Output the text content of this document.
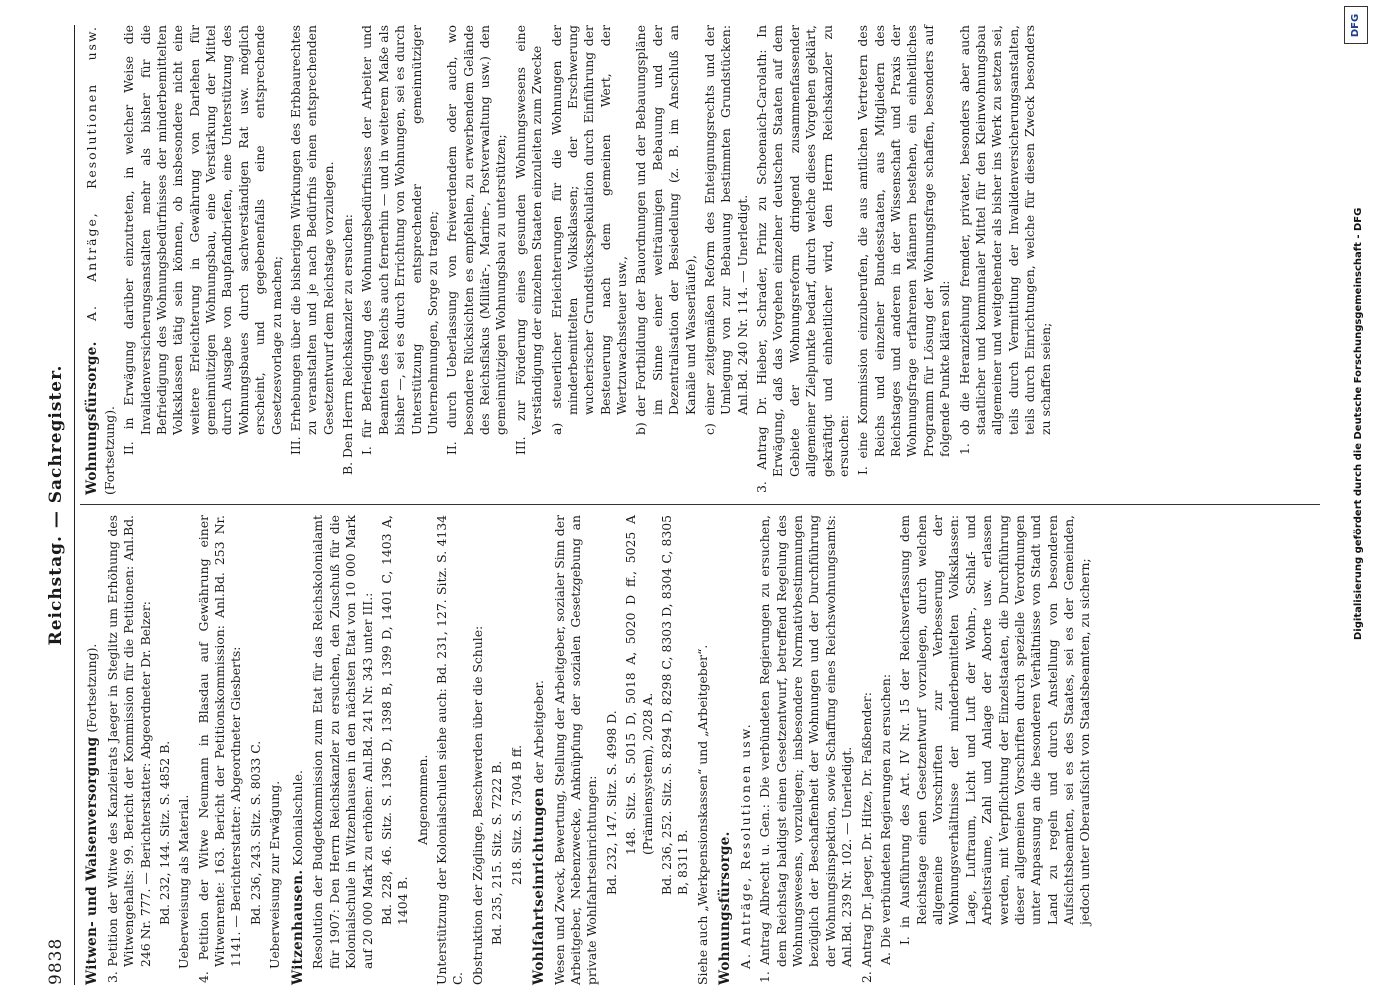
9838
Reichstag. — Sachregister.

Witwen- und Waisenversorgung (Fortsetzung). 3. Petition der Witwe des Kanzleirats Jaeger in Steglitz um Erhöhung des Witwengehalts: 99. Bericht der Kommission für die Petitionen: Anl.Bd. 246 Nr. 777. — Berichterstatter: Abgeordneter Dr. Belzer: Bd. 232, 144. Sitz. S. 4852 B. Ueberweisung als Material. 4. Petition der Witwe Neumann in Blasdau auf Gewährung einer Witwenrente: 163. Bericht der Petitionskommission: Anl.Bd. 253 Nr. 1141. — Berichterstatter: Abgeordneter Giesberts: Bd. 236, 243. Sitz. S. 8033 C. Ueberweisung zur Erwägung. Witzenhausen. Kolonialschule. Resolution der Budgetkommission zum Etat für das Reichskolonialamt für 1907: Den Herrn Reichskanzler zu ersuchen, den Zuschuß für die Kolonialschule in Witzenhausen in den nächsten Etat von 10 000 Mark auf 20 000 Mark zu erhöhen: Anl.Bd. 241 Nr. 343 unter III.: Bd. 228, 46. Sitz. S. 1396 D, 1398 B, 1399 D, 1401 C, 1403 A, 1404 B.

Angenommen. Unterstützung der Kolonialschulen siehe auch: Bd. 231, 127. Sitz. S. 4134 C. Obstruktion der Zöglinge, Beschwerden über die Schule: Bd. 235, 215. Sitz. S. 7222 B. 218. Sitz. S. 7304 B ff. Wohlfahrtseinrichtungen der Arbeitgeber. Wesen und Zweck, Bewertung, Stellung der Arbeitgeber, sozialer Sinn der Arbeitgeber, Nebenzwecke, Anknüpfung der sozialen Gesetzgebung an private Wohlfahrtseinrichtungen: Bd. 232, 147. Sitz. S. 4998 D. 148. Sitz. S. 5015 D, 5018 A, 5020 D ff., 5025 A (Prämiensystem), 2028 A. Bd. 236, 252. Sitz. S. 8294 D, 8298 C, 8303 D, 8304 C, 8305 B, 8311 B. Siehe auch „Werkpensionskassen“ und „Arbeitgeber“. Wohnungsfürsorge. A. Anträge, Resolutionen usw. 1. Antrag Albrecht u. Gen.: Die verbündeten Regierungen zu ersuchen, dem Reichstag baldigst einen Gesetzentwurf, betreffend Regelung des Wohnungswesens, vorzulegen; insbesondere Normativbestimmungen bezüglich der Beschaffenheit der Wohnungen und der Durchführung der Wohnungsinspektion, sowie Schaffung eines Reichswohnungsamts: Anl.Bd. 239 Nr. 102. — Unerledigt. 2. Antrag Dr. Jaeger, Dr. Hitze, Dr. Faßbender: A. Die verbündeten Regierungen zu ersuchen: I. in Ausführung des Art. IV Nr. 15 der Reichsverfassung dem Reichstage einen Gesetzentwurf vorzulegen, durch welchen allgemeine Vorschriften zur Verbesserung der Wohnungsverhältnisse der minderbemittelten Volksklassen: Lage, Luftraum, Licht und Luft der Wohn-, Schlaf- und Arbeitsräume, Zahl und Anlage der Aborte usw. erlassen werden, mit Verpflichtung der Einzelstaaten, die Durchführung dieser allgemeinen Vorschriften durch spezielle Verordnungen unter Anpassung an die besonderen Verhältnisse von Stadt und Land zu regeln und durch Anstellung von besonderen Aufsichtsbeamten, sei es des Staates, sei es der Gemeinden, jedoch unter Oberaufsicht von Staatsbeamten, zu sichern;

Wohnungsfürsorge. A. Anträge, Resolutionen usw. (Fortsetzung). II. in Erwägung darüber einzutreten, in welcher Weise die Invalidenversicherungsanstalten mehr als bisher für die Befriedigung des Wohnungsbedürfnisses der minderbemittelten Volksklassen tätig sein können, ob insbesondere nicht eine weitere Erleichterung in Gewährung von Darlehen für gemeinnützigen Wohnungsbau, eine Verstärkung der Mittel durch Ausgabe von Baupfandbriefen, eine Unterstützung des Wohnungsbaues durch sachverständigen Rat usw. möglich erscheint, und gegebenenfalls eine entsprechende Gesetzesvorlage zu machen; III. Erhebungen über die bisherigen Wirkungen des Erbbaurechtes zu veranstalten und je nach Bedürfnis einen entsprechenden Gesetzentwurf dem Reichstage vorzulegen. B. Den Herrn Reichskanzler zu ersuchen: I. für Befriedigung des Wohnungsbedürfnisses der Arbeiter und Beamten des Reichs auch fernerhin — und in weiterem Maße als bisher —, sei es durch Errichtung von Wohnungen, sei es durch Unterstützung entsprechender gemeinnütziger Unternehmungen, Sorge zu tragen; II. durch Ueberlassung von freiwerdendem oder auch, wo besondere Rücksichten es empfehlen, zu erwerbendem Gelände des Reichsfiskus (Militär-, Marine-, Postverwaltung usw.) den gemeinnützigen Wohnungsbau zu unterstützen; III. zur Förderung eines gesunden Wohnungswesens eine Verständigung der einzelnen Staaten einzuleiten zum Zwecke a) steuerlicher Erleichterungen für die Wohnungen der minderbemittelten Volksklassen; der Erschwerung wucherischer Grundstücksspekulation durch Einführung der Besteuerung nach dem gemeinen Wert, der Wertzuwachssteuer usw., b) der Fortbildung der Bauordnungen und der Bebauungspläne im Sinne einer weiträumigen Bebauung und der Dezentralisation der Besiedelung (z. B. im Anschluß an Kanäle und Wasserläufe), c) einer zeitgemäßen Reform des Enteignungsrechts und der Umlegung von zur Bebauung bestimmten Grundstücken: Anl.Bd. 240 Nr. 114. — Unerledigt. 3. Antrag Dr. Hieber, Schrader, Prinz zu Schoenaich-Carolath: In Erwägung, daß das Vorgehen einzelner deutschen Staaten auf dem Gebiete der Wohnungsreform dringend zusammenfassender allgemeiner Zielpunkte bedarf, durch welche dieses Vorgehen geklärt, gekräftigt und einheitlicher wird, den Herrn Reichskanzler zu ersuchen: I. eine Kommission einzuberufen, die aus amtlichen Vertretern des Reichs und einzelner Bundesstaaten, aus Mitgliedern des Reichstages und anderen in der Wissenschaft und Praxis der Wohnungsfrage erfahrenen Männern bestehen, ein einheitliches Programm für Lösung der Wohnungsfrage schaffen, besonders auf folgende Punkte klären soll: 1. ob die Heranziehung fremder, privater, besonders aber auch staatlicher und kommunaler Mittel für den Kleinwohnungsbau allgemeiner und weitgehender als bisher ins Werk zu setzen sei, teils durch Vermittlung der Invalidenversicherungsanstalten, teils durch Einrichtungen, welche für diesen Zweck besonders zu schaffen seien;	Digitalisierung gefördert durch die Deutsche Forschungsgemeinschaft - DFG
DFG
